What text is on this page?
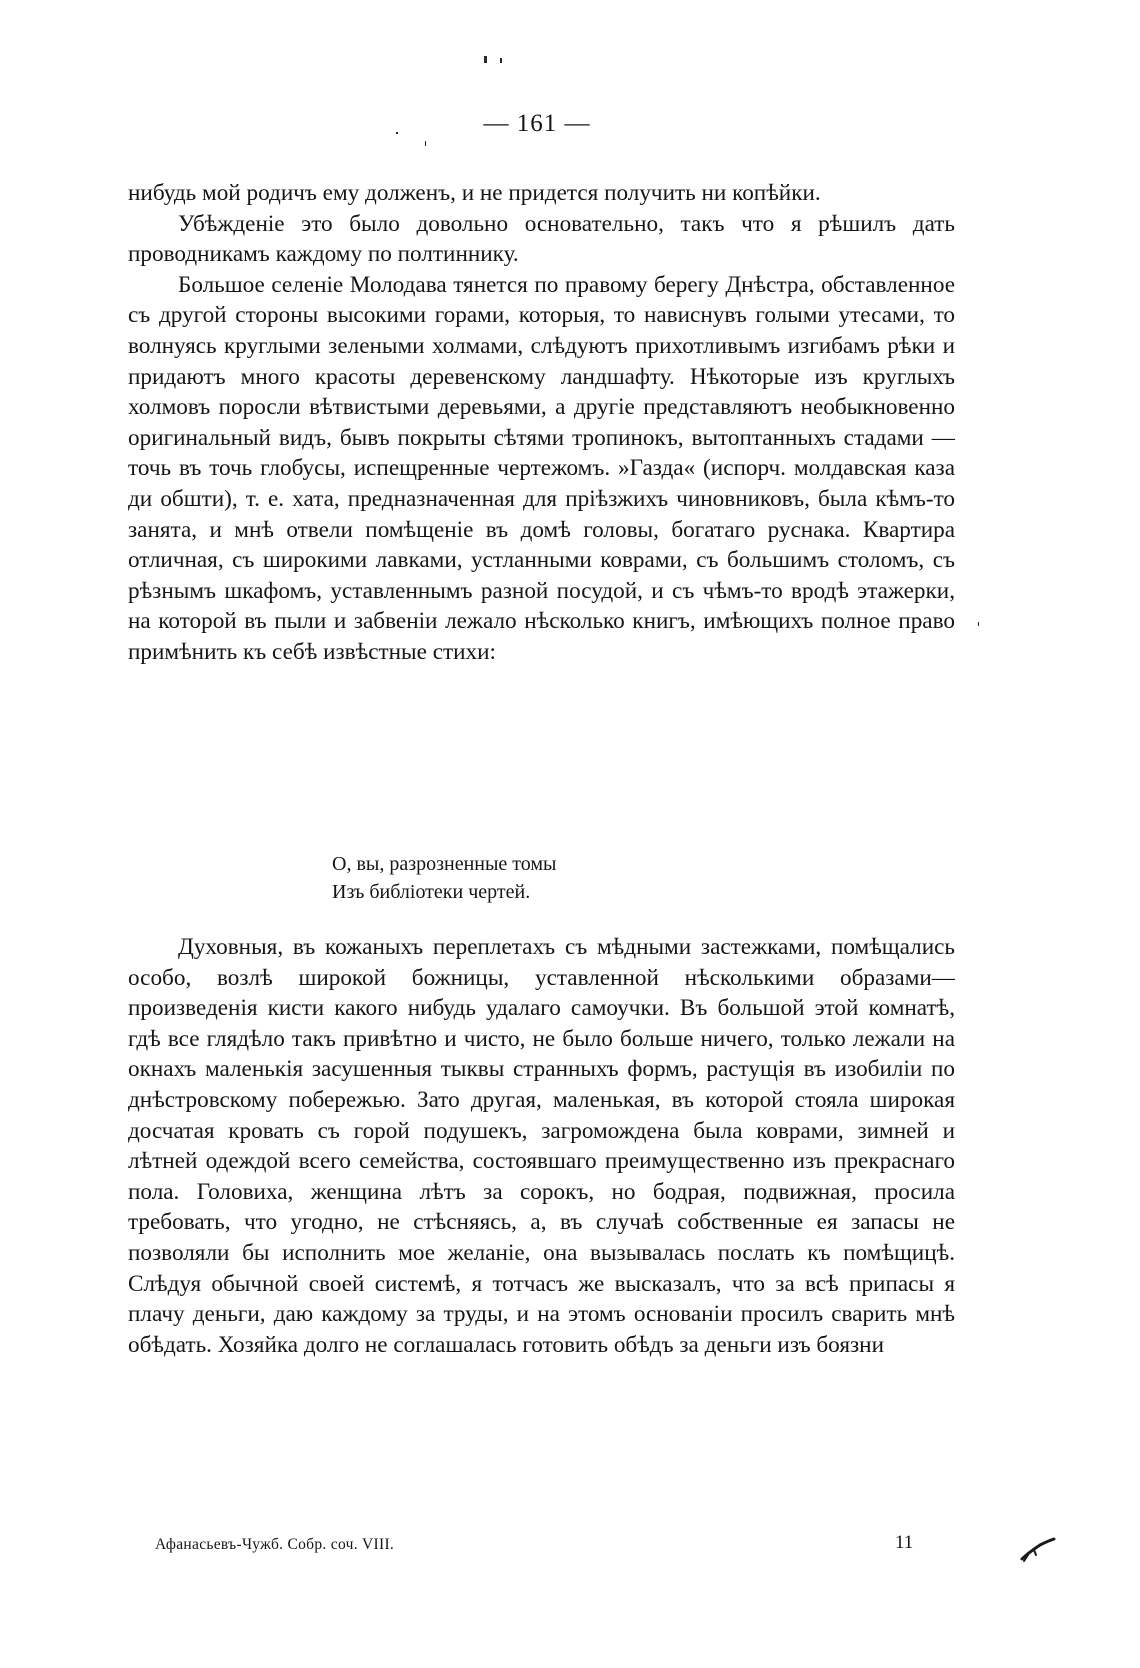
— 161 —

нибудь мой родичъ ему долженъ, и не придется получить ни копѣйки.

Убѣжденіе это было довольно основательно, такъ что я рѣшилъ дать проводникамъ каждому по полтиннику.

Большое селеніе Молодава тянется по правому берегу Днѣстра, обставленное съ другой стороны высокими горами, которыя, то нависнувъ голыми утесами, то волнуясь круглыми зелеными холмами, слѣдуютъ прихотливымъ изгибамъ рѣки и придаютъ много красоты деревенскому ландшафту. Нѣкоторые изъ круглыхъ холмовъ поросли вѣтвистыми деревьями, а другіе представляютъ необыкновенно оригинальный видъ, бывъ покрыты сѣтями тропинокъ, вытоптанныхъ стадами — точь въ точь глобусы, испещренные чертежомъ. »Газда« (испорч. молдавская каза ди обшти), т. е. хата, предназначенная для пріѣзжихъ чиновниковъ, была кѣмъ-то занята, и мнѣ отвели помѣщеніе въ домѣ головы, богатаго руснака. Квартира отличная, съ широкими лавками, устланными коврами, съ большимъ столомъ, съ рѣзнымъ шкафомъ, уставленнымъ разной посудой, и съ чѣмъ-то вродѣ этажерки, на которой въ пыли и забвеніи лежало нѣсколько книгъ, имѣющихъ полное право примѣнить къ себѣ извѣстные стихи:

О, вы, разрозненные томы
Изъ библіотеки чертей.

Духовныя, въ кожаныхъ переплетахъ съ мѣдными застежками, помѣщались особо, возлѣ широкой божницы, уставленной нѣсколькими образами—произведенія кисти какого нибудь удалаго самоучки. Въ большой этой комнатѣ, гдѣ все глядѣло такъ привѣтно и чисто, не было больше ничего, только лежали на окнахъ маленькія засушенныя тыквы странныхъ формъ, растущія въ изобиліи по днѣстровскому побережью. Зато другая, маленькая, въ которой стояла широкая досчатая кровать съ горой подушекъ, загромождена была коврами, зимней и лѣтней одеждой всего семейства, состоявшаго преимущественно изъ прекраснаго пола. Головиха, женщина лѣтъ за сорокъ, но бодрая, подвижная, просила требовать, что угодно, не стѣсняясь, а, въ случаѣ собственные ея запасы не позволяли бы исполнить мое желаніе, она вызывалась послать къ помѣщицѣ. Слѣдуя обычной своей системѣ, я тотчасъ же высказалъ, что за всѣ припасы я плачу деньги, даю каждому за труды, и на этомъ основаніи просилъ сварить мнѣ обѣдать. Хозяйка долго не соглашалась готовить обѣдъ за деньги изъ боязни

Афанасьевъ-Чужб. Собр. соч. VIII.	11
